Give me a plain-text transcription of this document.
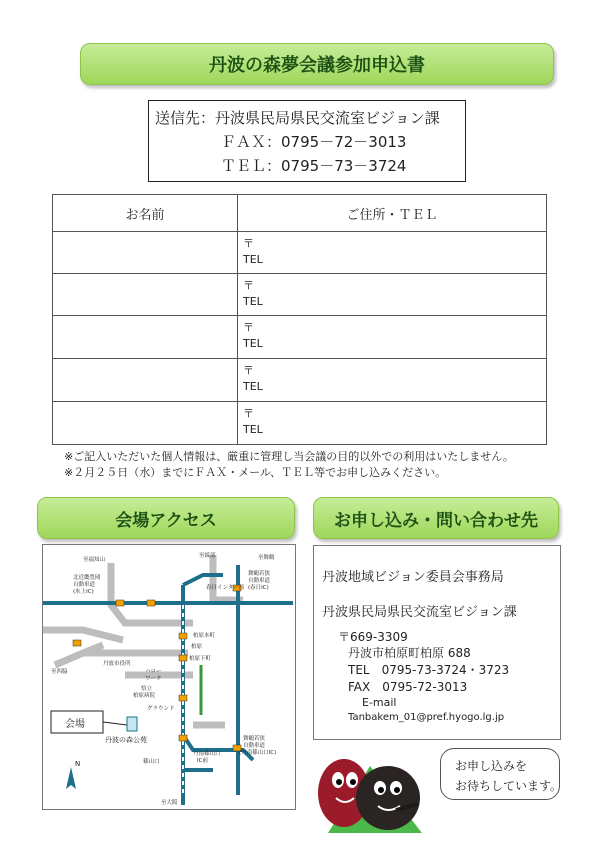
丹波の森夢会議参加申込書
送信先：丹波県民局県民交流室ビジョン課
ＦＡＸ：0795－72－3013
ＴＥＬ：0795－73－3724
お名前	ご住所・ＴＥＬ
〒
TEL
〒
TEL
〒
TEL
〒
TEL
〒
TEL
※ご記入いただいた個人情報は、厳重に管理し当会議の目的以外での利用はいたしません。
※２月２５日（水）までにＦＡＸ・メール、ＴＥＬ等でお申し込みください。
会場アクセス	お申し込み・問い合わせ先
至福知山
至綾部	至舞鶴
北近畿豊岡
自動車道
(氷上IC)
舞鶴若狭
自動車道
(春日IC)
春日インター前
柏原
丹波市役所
ハロー
ワーク
県立
柏原病院
グラウンド
柏原本町
柏原下町
丹南篠山口
IC前
舞鶴若狭
自動車道
(丹南篠山口IC)
至大阪
至西脇
篠山口
会場
丹波の森公苑
N
丹波地域ビジョン委員会事務局
丹波県民局県民交流室ビジョン課
〒669-3309
丹波市柏原町柏原 688
TEL　0795-73-3724・3723
FAX　0795-72-3013
E-mail
Tanbakem_01@pref.hyogo.lg.jp
お申し込みを
お待ちしています。
